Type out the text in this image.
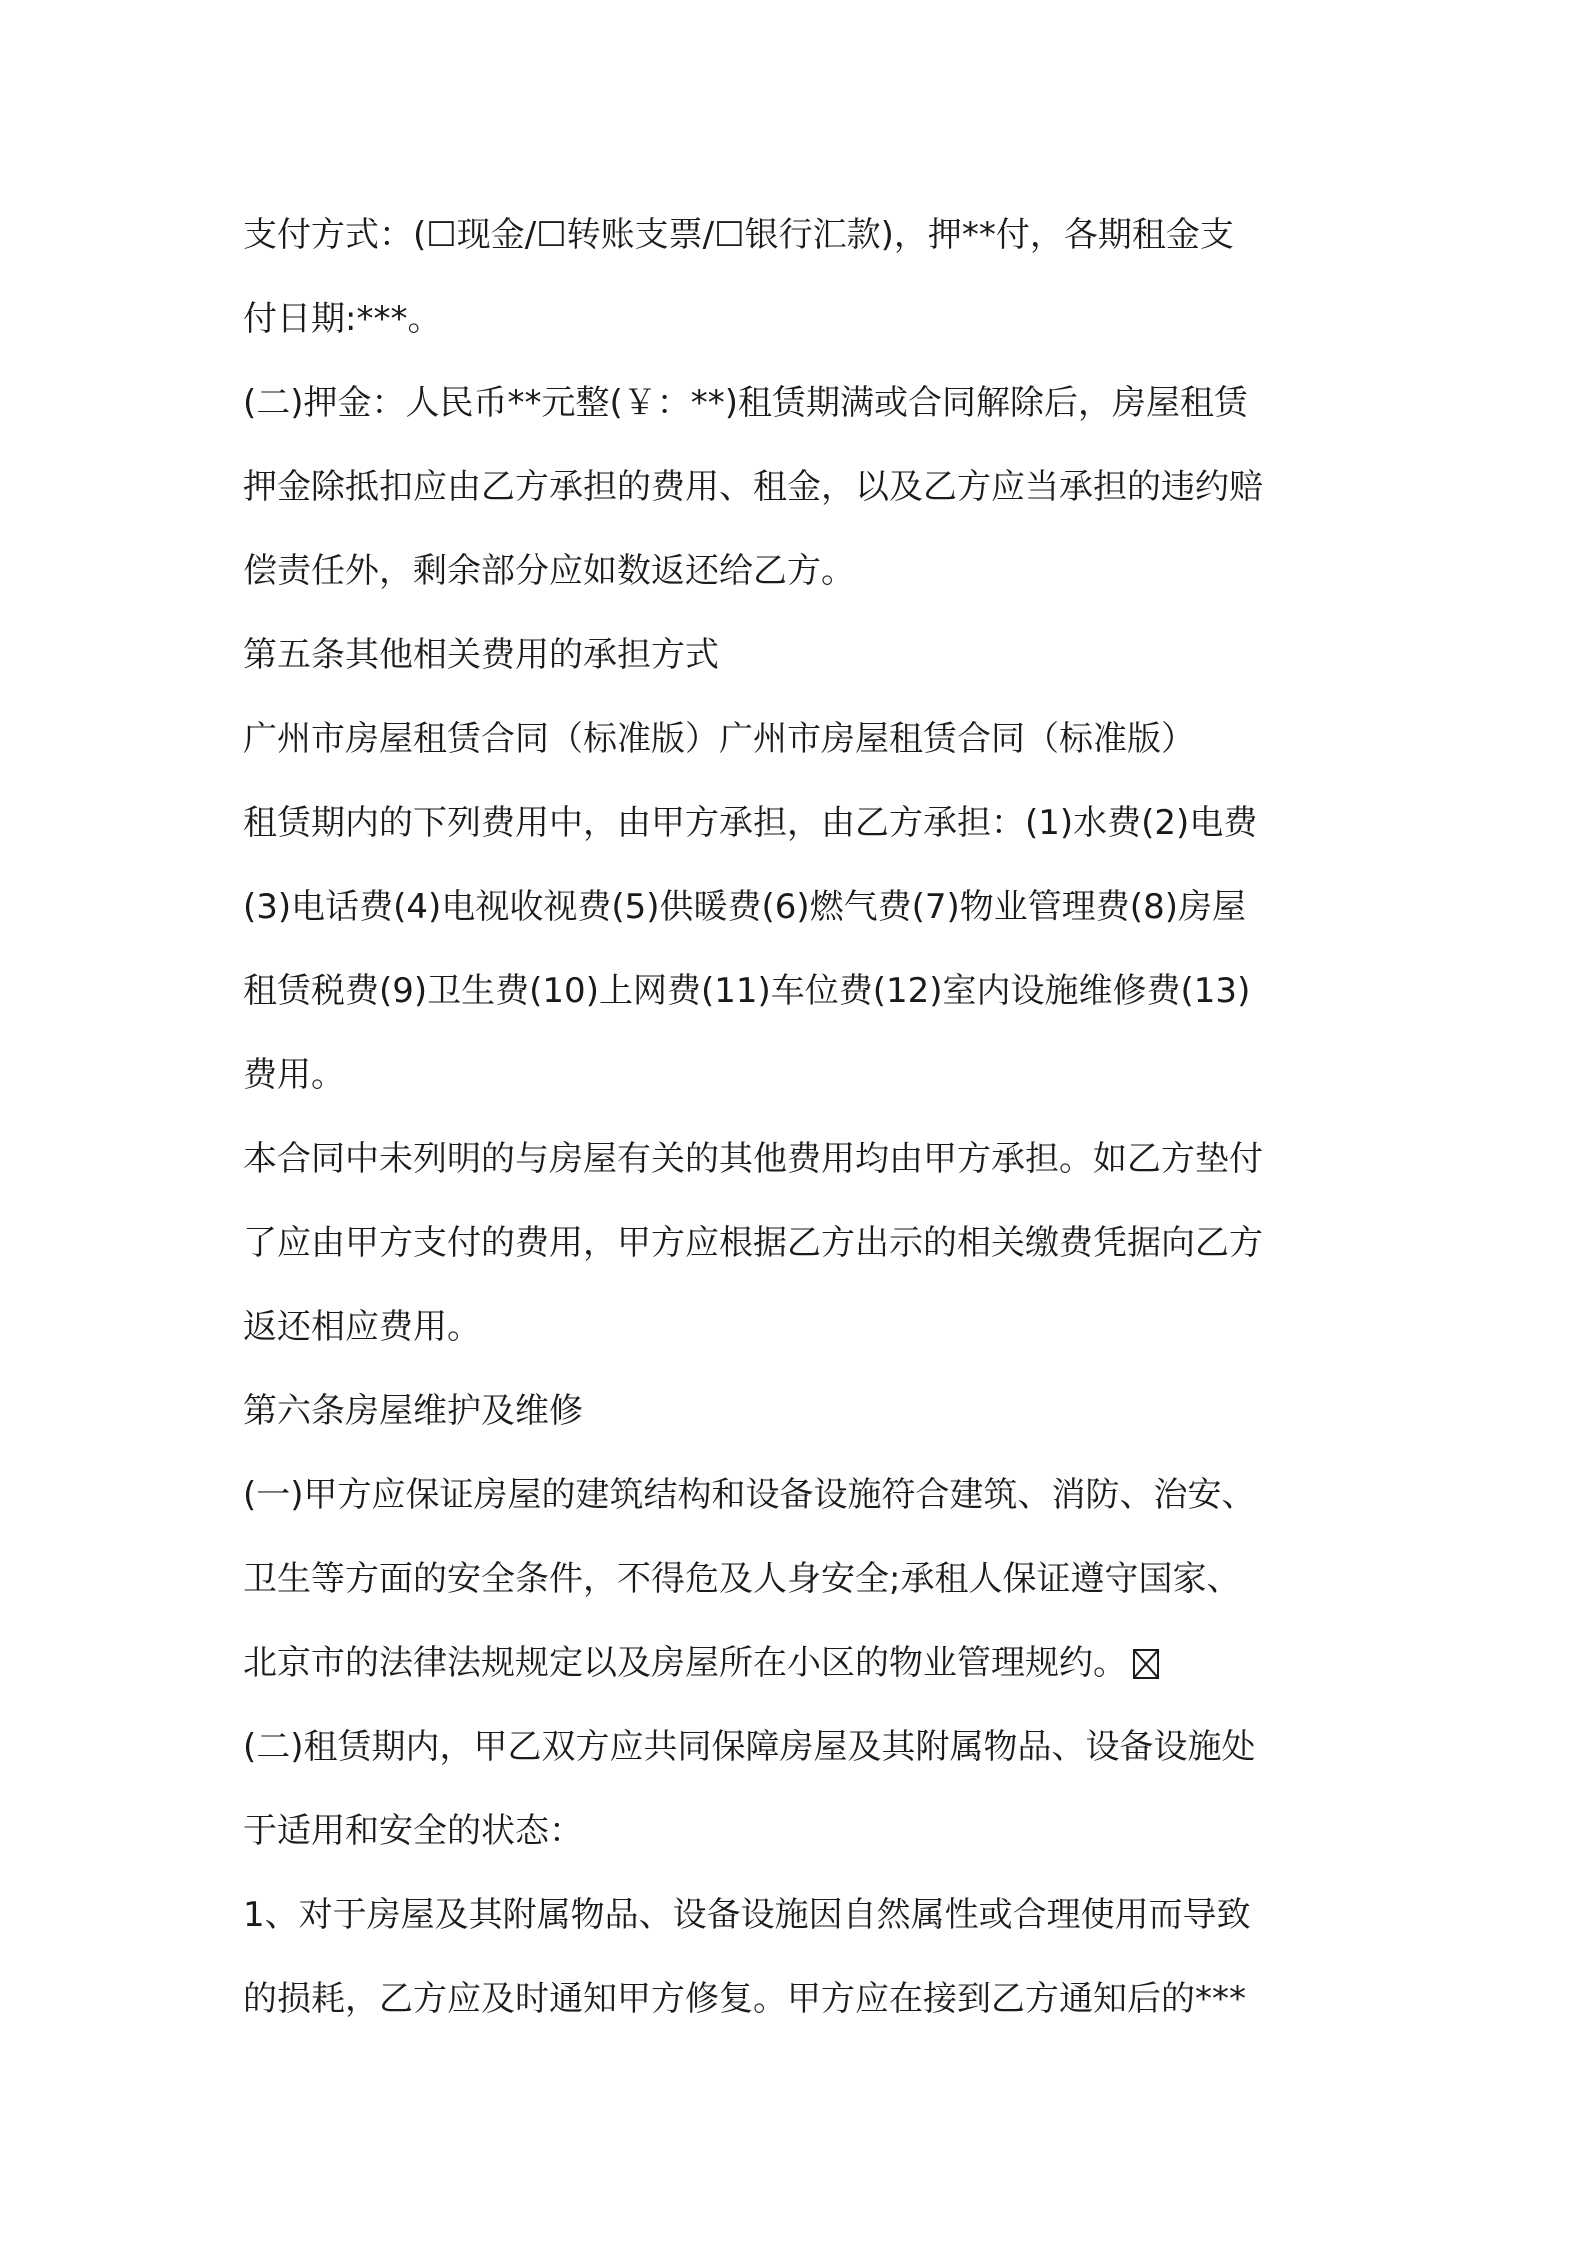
支付方式：(☐现金/☐转账支票/☐银行汇款)，押**付，各期租金支
付日期:***。
(二)押金：人民币**元整(￥：**)租赁期满或合同解除后，房屋租赁
押金除抵扣应由乙方承担的费用、租金，以及乙方应当承担的违约赔
偿责任外，剩余部分应如数返还给乙方。
第五条其他相关费用的承担方式
广州市房屋租赁合同（标准版）广州市房屋租赁合同（标准版）
租赁期内的下列费用中，由甲方承担，由乙方承担：(1)水费(2)电费
(3)电话费(4)电视收视费(5)供暖费(6)燃气费(7)物业管理费(8)房屋
租赁税费(9)卫生费(10)上网费(11)车位费(12)室内设施维修费(13)
费用。
本合同中未列明的与房屋有关的其他费用均由甲方承担。如乙方垫付
了应由甲方支付的费用，甲方应根据乙方出示的相关缴费凭据向乙方
返还相应费用。
第六条房屋维护及维修
(一)甲方应保证房屋的建筑结构和设备设施符合建筑、消防、治安、
卫生等方面的安全条件，不得危及人身安全;承租人保证遵守国家、
北京市的法律法规规定以及房屋所在小区的物业管理规约。
(二)租赁期内，甲乙双方应共同保障房屋及其附属物品、设备设施处
于适用和安全的状态：
1、对于房屋及其附属物品、设备设施因自然属性或合理使用而导致
的损耗，乙方应及时通知甲方修复。甲方应在接到乙方通知后的***
